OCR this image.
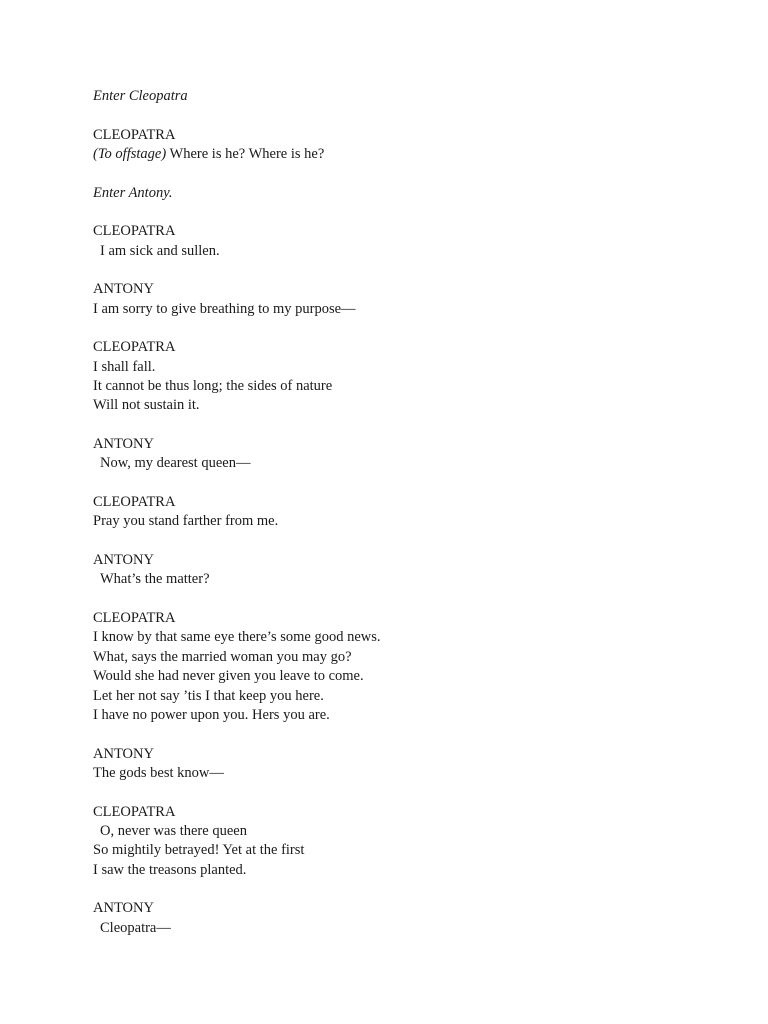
Enter Cleopatra
CLEOPATRA
(To offstage) Where is he? Where is he?
Enter Antony.
CLEOPATRA
I am sick and sullen.
ANTONY
I am sorry to give breathing to my purpose—
CLEOPATRA
I shall fall.
It cannot be thus long; the sides of nature
Will not sustain it.
ANTONY
Now, my dearest queen—
CLEOPATRA
Pray you stand farther from me.
ANTONY
What’s the matter?
CLEOPATRA
I know by that same eye there’s some good news.
What, says the married woman you may go?
Would she had never given you leave to come.
Let her not say ’tis I that keep you here.
I have no power upon you. Hers you are.
ANTONY
The gods best know—
CLEOPATRA
O, never was there queen
So mightily betrayed! Yet at the first
I saw the treasons planted.
ANTONY
Cleopatra—
